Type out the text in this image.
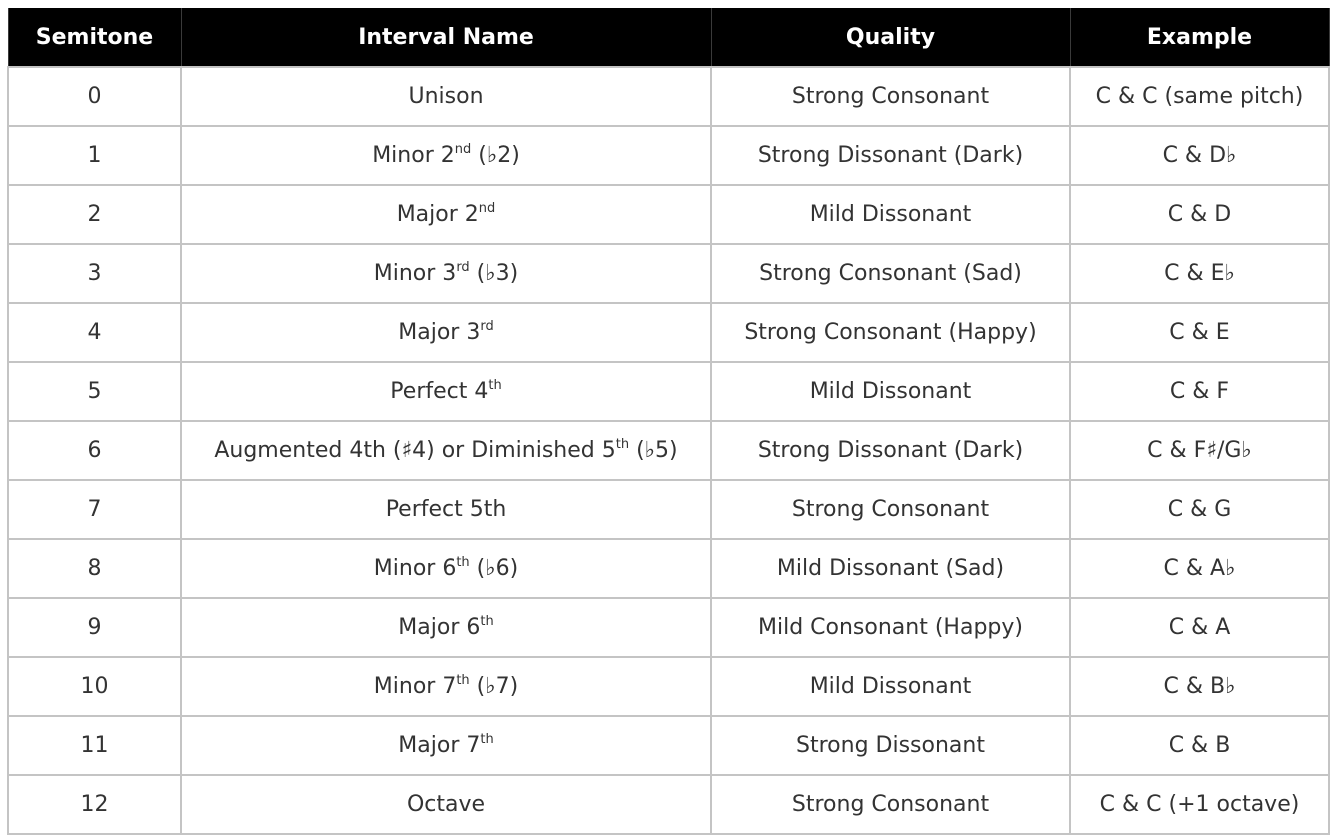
Semitone	Interval Name	Quality	Example
0	Unison	Strong Consonant	C & C (same pitch)
1	Minor 2nd (♭2)	Strong Dissonant (Dark)	C & D♭
2	Major 2nd	Mild Dissonant	C & D
3	Minor 3rd (♭3)	Strong Consonant (Sad)	C & E♭
4	Major 3rd	Strong Consonant (Happy)	C & E
5	Perfect 4th	Mild Dissonant	C & F
6	Augmented 4th (♯4) or Diminished 5th (♭5)	Strong Dissonant (Dark)	C & F♯/G♭
7	Perfect 5th	Strong Consonant	C & G
8	Minor 6th (♭6)	Mild Dissonant (Sad)	C & A♭
9	Major 6th	Mild Consonant (Happy)	C & A
10	Minor 7th (♭7)	Mild Dissonant	C & B♭
11	Major 7th	Strong Dissonant	C & B
12	Octave	Strong Consonant	C & C (+1 octave)
